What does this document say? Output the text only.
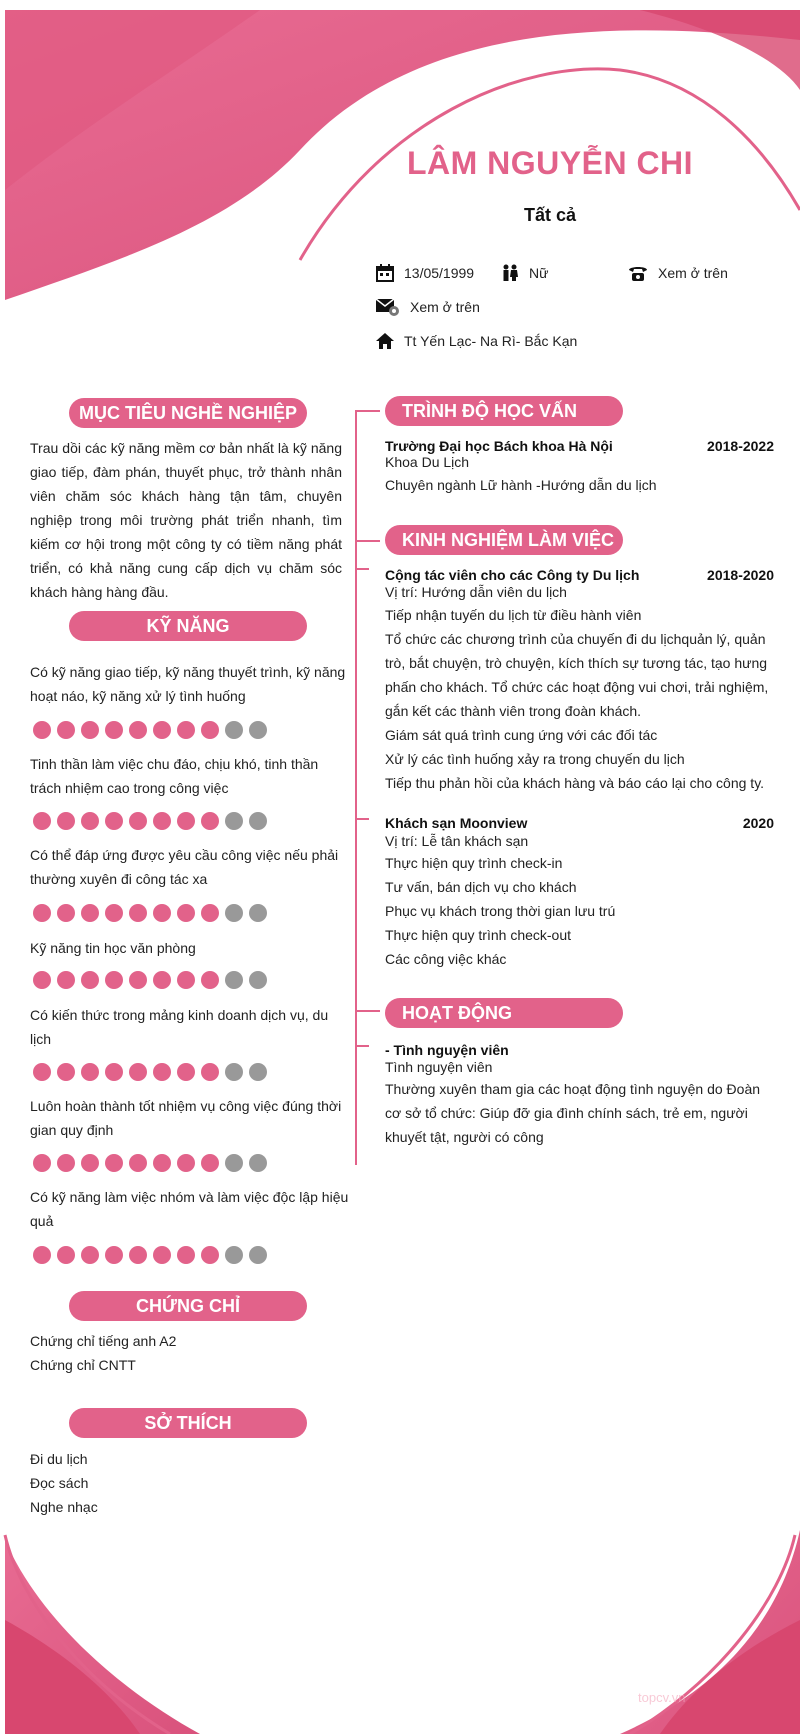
LÂM NGUYỄN CHI
Tất cả
13/05/1999	Nữ	Xem ở trên
Xem ở trên
Tt Yến Lạc- Na Rì- Bắc Kạn
MỤC TIÊU NGHỀ NGHIỆP

Trau dồi các kỹ năng mềm cơ bản nhất là kỹ năng giao tiếp, đàm phán, thuyết phục, trở thành nhân viên chăm sóc khách hàng tận tâm, chuyên nghiệp trong môi trường phát triển nhanh, tìm kiếm cơ hội trong một công ty có tiềm năng phát triển, có khả năng cung cấp dịch vụ chăm sóc khách hàng hàng đầu.

KỸ NĂNG

Có kỹ năng giao tiếp, kỹ năng thuyết trình, kỹ năng hoạt náo, kỹ năng xử lý tình huống

Tinh thần làm việc chu đáo, chịu khó, tinh thần trách nhiệm cao trong công việc

Có thể đáp ứng được yêu cầu công việc nếu phải thường xuyên đi công tác xa

Kỹ năng tin học văn phòng

Có kiến thức trong mảng kinh doanh dịch vụ, du lịch

Luôn hoàn thành tốt nhiệm vụ công việc đúng thời gian quy định

Có kỹ năng làm việc nhóm và làm việc độc lập hiệu quả

CHỨNG CHỈ
Chứng chỉ tiếng anh A2
Chứng chỉ CNTT
SỞ THÍCH
Đi du lịch
Đọc sách
Nghe nhạc
TRÌNH ĐỘ HỌC VẤN
Trường Đại học Bách khoa Hà Nội	2018-2022
Khoa Du Lịch
Chuyên ngành Lữ hành -Hướng dẫn du lịch
KINH NGHIỆM LÀM VIỆC
Cộng tác viên cho các Công ty Du lịch	2018-2020
Vị trí: Hướng dẫn viên du lịch
Tiếp nhận tuyến du lịch từ điều hành viên
Tổ chức các chương trình của chuyến đi du lịchquản lý, quản trò, bắt chuyện, trò chuyện, kích thích sự tương tác, tạo hưng phấn cho khách. Tổ chức các hoạt động vui chơi, trải nghiệm, gắn kết các thành viên trong đoàn khách.
Giám sát quá trình cung ứng với các đối tác
Xử lý các tình huống xảy ra trong chuyến du lịch
Tiếp thu phản hồi của khách hàng và báo cáo lại cho công ty.
Khách sạn Moonview	2020
Vị trí: Lễ tân khách sạn
Thực hiện quy trình check-in
Tư vấn, bán dịch vụ cho khách
Phục vụ khách trong thời gian lưu trú
Thực hiện quy trình check-out
Các công việc khác
HOẠT ĐỘNG
- Tình nguyện viên
Tình nguyện viên

Thường xuyên tham gia các hoạt động tình nguyện do Đoàn cơ sở tổ chức: Giúp đỡ gia đình chính sách, trẻ em, người khuyết tật, người có công

topcv.vn
